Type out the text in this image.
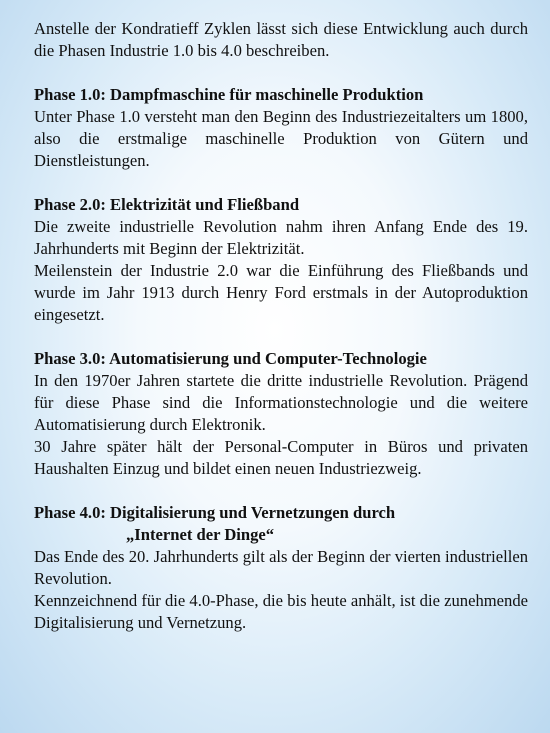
Anstelle der Kondratieff Zyklen lässt sich diese Entwicklung auch durch die Phasen Industrie 1.0 bis 4.0 beschreiben.

Phase 1.0: Dampfmaschine für maschinelle Produktion

Unter Phase 1.0 versteht man den Beginn des Industriezeitalters um 1800, also die erstmalige maschinelle Produktion von Gütern und Dienstleistungen.

Phase 2.0: Elektrizität und Fließband

Die zweite industrielle Revolution nahm ihren Anfang Ende des 19. Jahrhunderts mit Beginn der Elektrizität.

Meilenstein der Industrie 2.0 war die Einführung des Fließbands und wurde im Jahr 1913 durch Henry Ford erstmals in der Autoproduktion eingesetzt.

Phase 3.0: Automatisierung und Computer-Technologie

In den 1970er Jahren startete die dritte industrielle Revolution. Prägend für diese Phase sind die Informationstechnologie und die weitere Automatisierung durch Elektronik.

30 Jahre später hält der Personal-Computer in Büros und privaten Haushalten Einzug und bildet einen neuen Industriezweig.

Phase 4.0: Digitalisierung und Vernetzungen durch
„Internet der Dinge“

Das Ende des 20. Jahrhunderts gilt als der Beginn der vierten industriellen Revolution.

Kennzeichnend für die 4.0-Phase, die bis heute anhält, ist die zunehmende Digitalisierung und Vernetzung.
